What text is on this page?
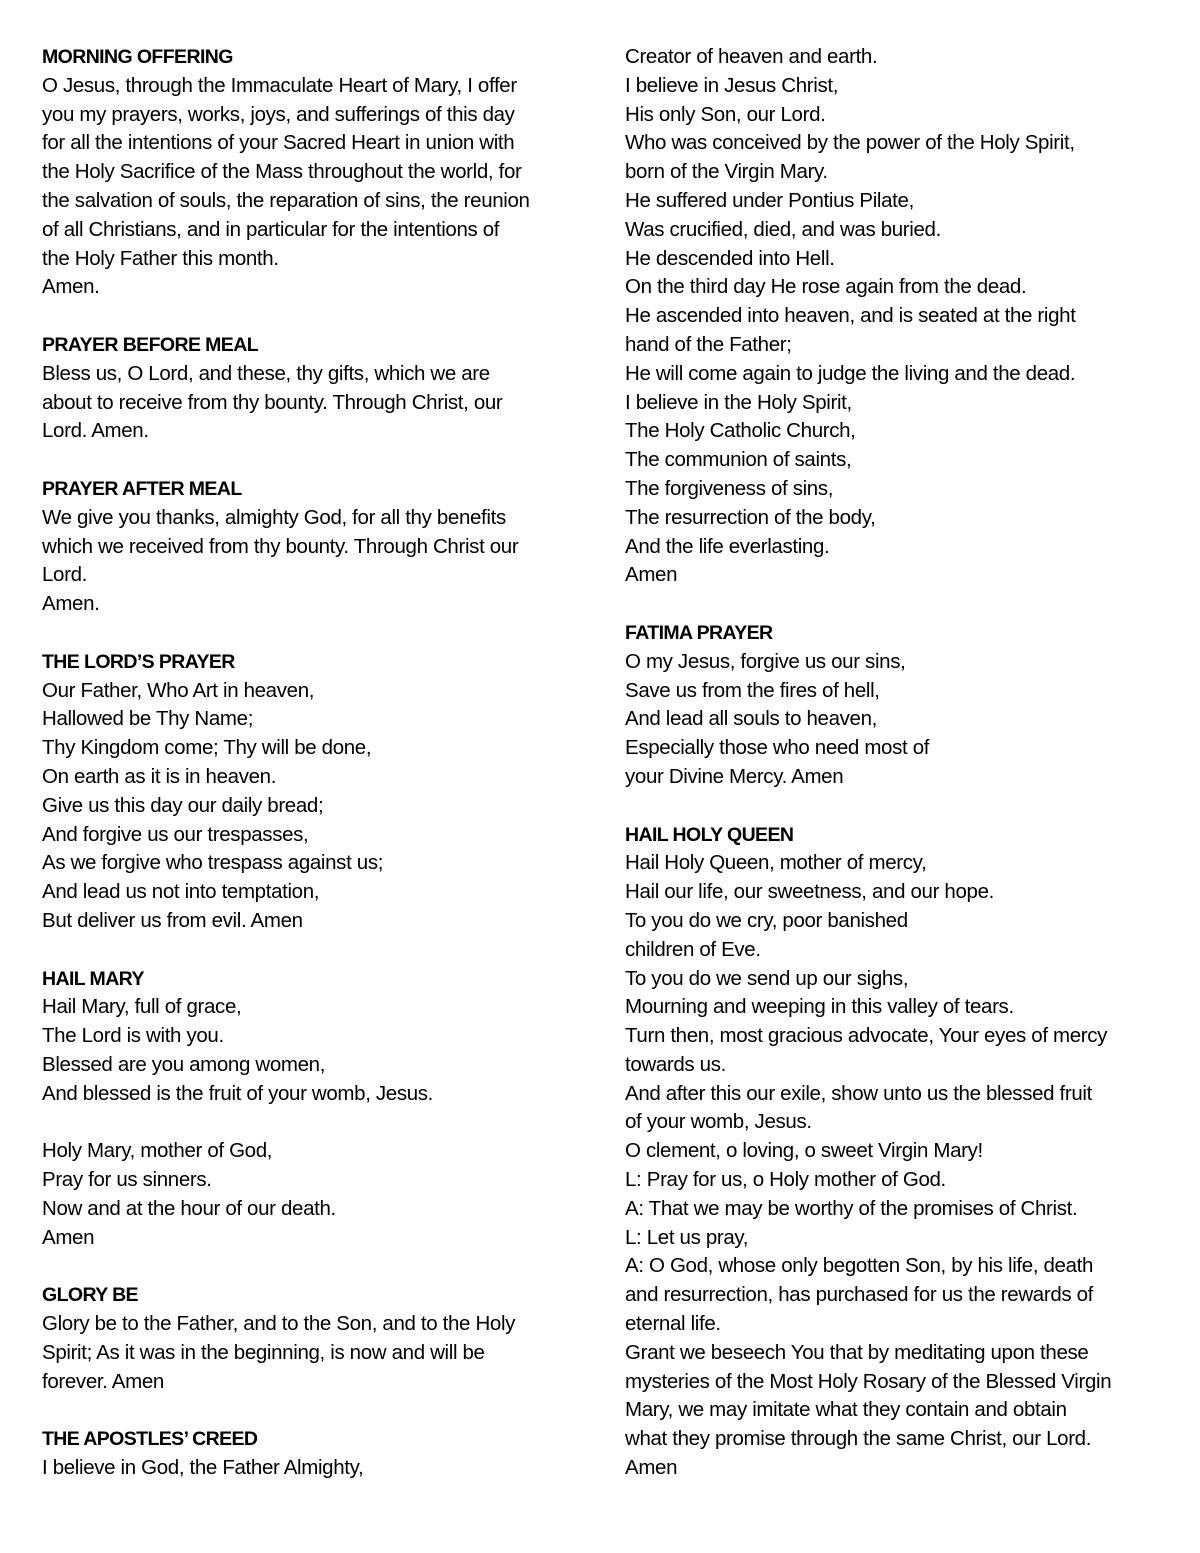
MORNING OFFERING
O Jesus, through the Immaculate Heart of Mary, I offer
you my prayers, works, joys, and sufferings of this day
for all the intentions of your Sacred Heart in union with
the Holy Sacrifice of the Mass throughout the world, for
the salvation of souls, the reparation of sins, the reunion
of all Christians, and in particular for the intentions of
the Holy Father this month.
Amen.
PRAYER BEFORE MEAL
Bless us, O Lord, and these, thy gifts, which we are
about to receive from thy bounty. Through Christ, our
Lord. Amen.
PRAYER AFTER MEAL
We give you thanks, almighty God, for all thy benefits
which we received from thy bounty. Through Christ our
Lord.
Amen.
THE LORD’S PRAYER
Our Father, Who Art in heaven,
Hallowed be Thy Name;
Thy Kingdom come; Thy will be done,
On earth as it is in heaven.
Give us this day our daily bread;
And forgive us our trespasses,
As we forgive who trespass against us;
And lead us not into temptation,
But deliver us from evil. Amen
HAIL MARY
Hail Mary, full of grace,
The Lord is with you.
Blessed are you among women,
And blessed is the fruit of your womb, Jesus.
Holy Mary, mother of God,
Pray for us sinners.
Now and at the hour of our death.
Amen
GLORY BE
Glory be to the Father, and to the Son, and to the Holy
Spirit; As it was in the beginning, is now and will be
forever. Amen
THE APOSTLES’ CREED
I believe in God, the Father Almighty,
Creator of heaven and earth.
I believe in Jesus Christ,
His only Son, our Lord.
Who was conceived by the power of the Holy Spirit,
born of the Virgin Mary.
He suffered under Pontius Pilate,
Was crucified, died, and was buried.
He descended into Hell.
On the third day He rose again from the dead.
He ascended into heaven, and is seated at the right
hand of the Father;
He will come again to judge the living and the dead.
I believe in the Holy Spirit,
The Holy Catholic Church,
The communion of saints,
The forgiveness of sins,
The resurrection of the body,
And the life everlasting.
Amen
FATIMA PRAYER
O my Jesus, forgive us our sins,
Save us from the fires of hell,
And lead all souls to heaven,
Especially those who need most of
your Divine Mercy. Amen
HAIL HOLY QUEEN
Hail Holy Queen, mother of mercy,
Hail our life, our sweetness, and our hope.
To you do we cry, poor banished
children of Eve.
To you do we send up our sighs,
Mourning and weeping in this valley of tears.
Turn then, most gracious advocate, Your eyes of mercy
towards us.
And after this our exile, show unto us the blessed fruit
of your womb, Jesus.
O clement, o loving, o sweet Virgin Mary!
L: Pray for us, o Holy mother of God.
A: That we may be worthy of the promises of Christ.
L: Let us pray,
A: O God, whose only begotten Son, by his life, death
and resurrection, has purchased for us the rewards of
eternal life.
Grant we beseech You that by meditating upon these
mysteries of the Most Holy Rosary of the Blessed Virgin
Mary, we may imitate what they contain and obtain
what they promise through the same Christ, our Lord.
Amen
